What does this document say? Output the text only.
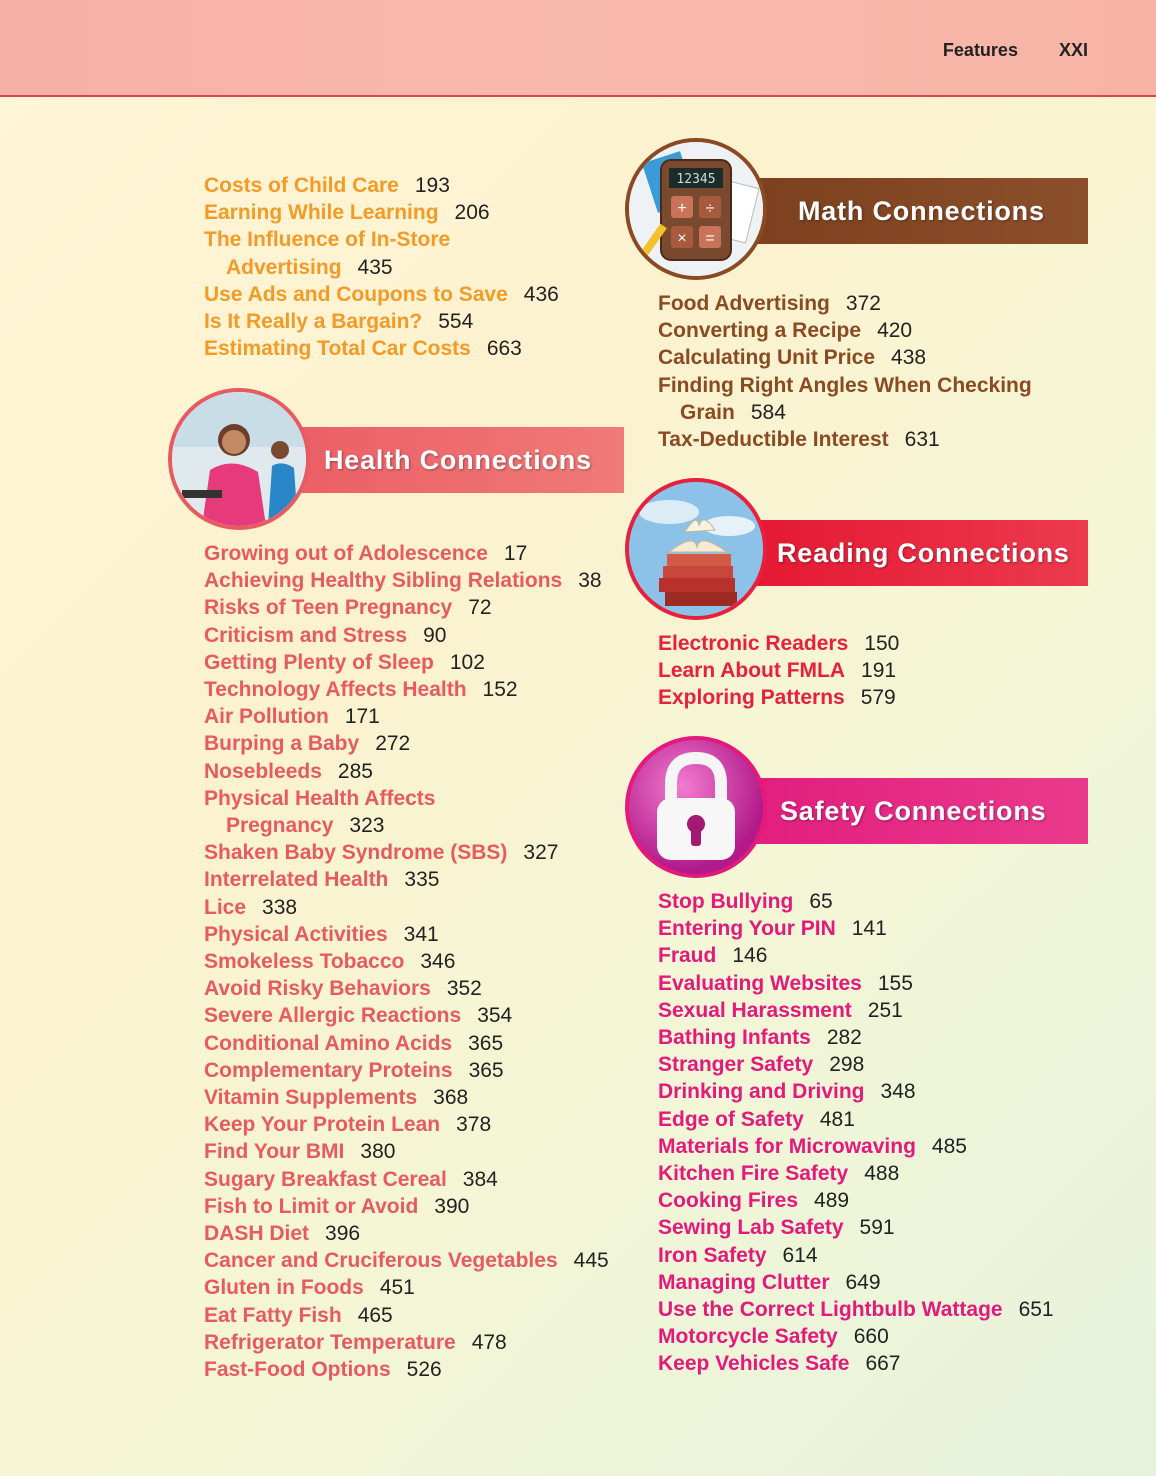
Features XXI
Costs of Child Care 193
Earning While Learning 206
The Influence of In-Store
Advertising 435
Use Ads and Coupons to Save 436
Is It Really a Bargain? 554
Estimating Total Car Costs 663
Health Connections
Growing out of Adolescence 17
Achieving Healthy Sibling Relations 38
Risks of Teen Pregnancy 72
Criticism and Stress 90
Getting Plenty of Sleep 102
Technology Affects Health 152
Air Pollution 171
Burping a Baby 272
Nosebleeds 285
Physical Health Affects
Pregnancy 323
Shaken Baby Syndrome (SBS) 327
Interrelated Health 335
Lice 338
Physical Activities 341
Smokeless Tobacco 346
Avoid Risky Behaviors 352
Severe Allergic Reactions 354
Conditional Amino Acids 365
Complementary Proteins 365
Vitamin Supplements 368
Keep Your Protein Lean 378
Find Your BMI 380
Sugary Breakfast Cereal 384
Fish to Limit or Avoid 390
DASH Diet 396
Cancer and Cruciferous Vegetables 445
Gluten in Foods 451
Eat Fatty Fish 465
Refrigerator Temperature 478
Fast-Food Options 526
Math Connections
12345
+ ÷
× =
Food Advertising 372
Converting a Recipe 420
Calculating Unit Price 438
Finding Right Angles When Checking
Grain 584
Tax-Deductible Interest 631
Reading Connections
Electronic Readers 150
Learn About FMLA 191
Exploring Patterns 579
Safety Connections
Stop Bullying 65
Entering Your PIN 141
Fraud 146
Evaluating Websites 155
Sexual Harassment 251
Bathing Infants 282
Stranger Safety 298
Drinking and Driving 348
Edge of Safety 481
Materials for Microwaving 485
Kitchen Fire Safety 488
Cooking Fires 489
Sewing Lab Safety 591
Iron Safety 614
Managing Clutter 649
Use the Correct Lightbulb Wattage 651
Motorcycle Safety 660
Keep Vehicles Safe 667
